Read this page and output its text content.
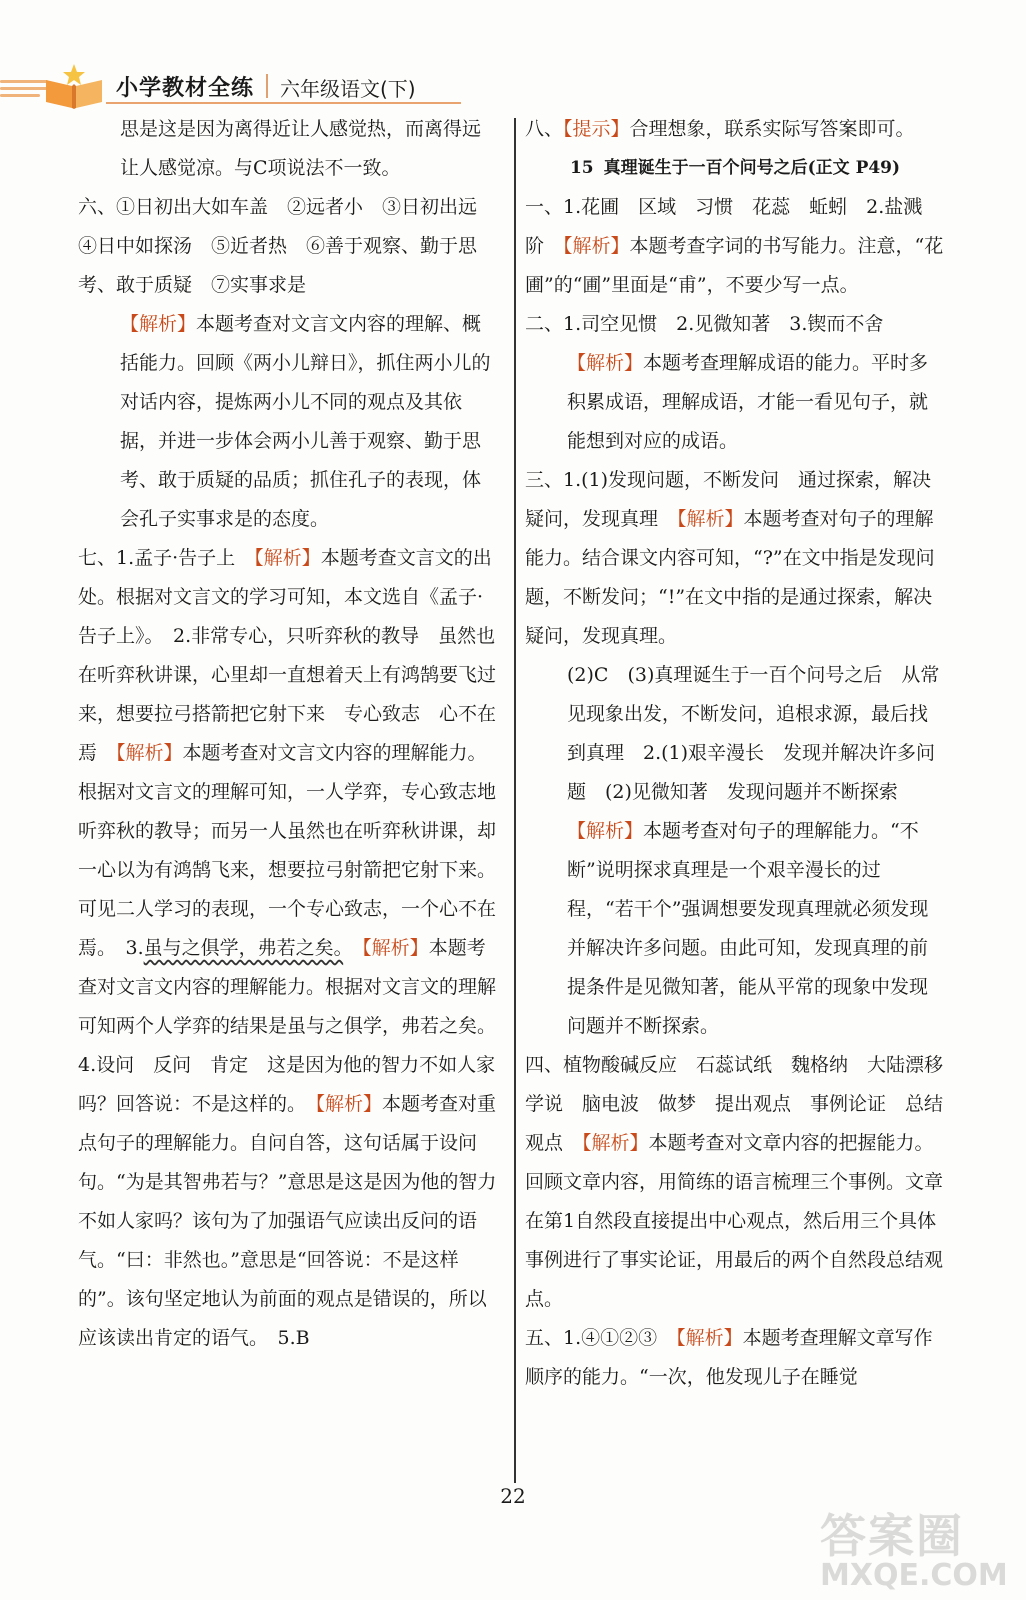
小学教材全练 六年级语文(下)

思是这是因为离得近让人感觉热，而离得远让人感觉凉。与C项说法不一致。

六、①日初出大如车盖　②远者小　③日初出远　④日中如探汤　⑤近者热　⑥善于观察、勤于思考、敢于质疑　⑦实事求是

【解析】本题考查对文言文内容的理解、概括能力。回顾《两小儿辩日》，抓住两小儿的对话内容，提炼两小儿不同的观点及其依据，并进一步体会两小儿善于观察、勤于思考、敢于质疑的品质；抓住孔子的表现，体会孔子实事求是的态度。

七、1.孟子·告子上　【解析】本题考查文言文的出处。根据对文言文的学习可知，本文选自《孟子·告子上》。　2.非常专心，只听弈秋的教导　虽然也在听弈秋讲课，心里却一直想着天上有鸿鹄要飞过来，想要拉弓搭箭把它射下来　专心致志　心不在焉　【解析】本题考查对文言文内容的理解能力。根据对文言文的理解可知，一人学弈，专心致志地听弈秋的教导；而另一人虽然也在听弈秋讲课，却一心以为有鸿鹄飞来，想要拉弓射箭把它射下来。可见二人学习的表现，一个专心致志，一个心不在焉。　3.虽与之俱学，弗若之矣。　 【解析】本题考查对文言文内容的理解能力。根据对文言文的理解可知两个人学弈的结果是虽与之俱学，弗若之矣。　4.设问　反问　肯定　这是因为他的智力不如人家吗？回答说：不是这样的。　【解析】本题考查对重点句子的理解能力。自问自答，这句话属于设问句。“为是其智弗若与？”意思是这是因为他的智力不如人家吗？该句为了加强语气应读出反问的语气。“曰：非然也。”意思是“回答说：不是这样的”。该句坚定地认为前面的观点是错误的，所以应该读出肯定的语气。　5.B

八、【提示】合理想象，联系实际写答案即可。

15 真理诞生于一百个问号之后(正文 P49)

一、1.花圃　区域　习惯　花蕊　蚯蚓　2.盐溅　阶　【解析】本题考查字词的书写能力。注意，“花圃”的“圃”里面是“甫”，不要少写一点。

二、1.司空见惯　2.见微知著　3.锲而不舍

【解析】本题考查理解成语的能力。平时多积累成语，理解成语，才能一看见句子，就能想到对应的成语。

三、1.(1)发现问题，不断发问　通过探索，解决疑问，发现真理　【解析】本题考查对句子的理解能力。结合课文内容可知，“?”在文中指是发现问题，不断发问；“!”在文中指的是通过探索，解决疑问，发现真理。

(2)C　(3)真理诞生于一百个问号之后　从常见现象出发，不断发问，追根求源，最后找到真理　2.(1)艰辛漫长　发现并解决许多问题　(2)见微知著　发现问题并不断探索　【解析】本题考查对句子的理解能力。“不断”说明探求真理是一个艰辛漫长的过程，“若干个”强调想要发现真理就必须发现并解决许多问题。由此可知，发现真理的前提条件是见微知著，能从平常的现象中发现问题并不断探索。

四、植物酸碱反应　石蕊试纸　魏格纳　大陆漂移学说　脑电波　做梦　提出观点　事例论证　总结观点　【解析】本题考查对文章内容的把握能力。回顾文章内容，用简练的语言梳理三个事例。文章在第1自然段直接提出中心观点，然后用三个具体事例进行了事实论证，用最后的两个自然段总结观点。

五、1.④①②③　【解析】本题考查理解文章写作顺序的能力。“一次，他发现儿子在睡觉

22
答案圈
MXQE.COM
